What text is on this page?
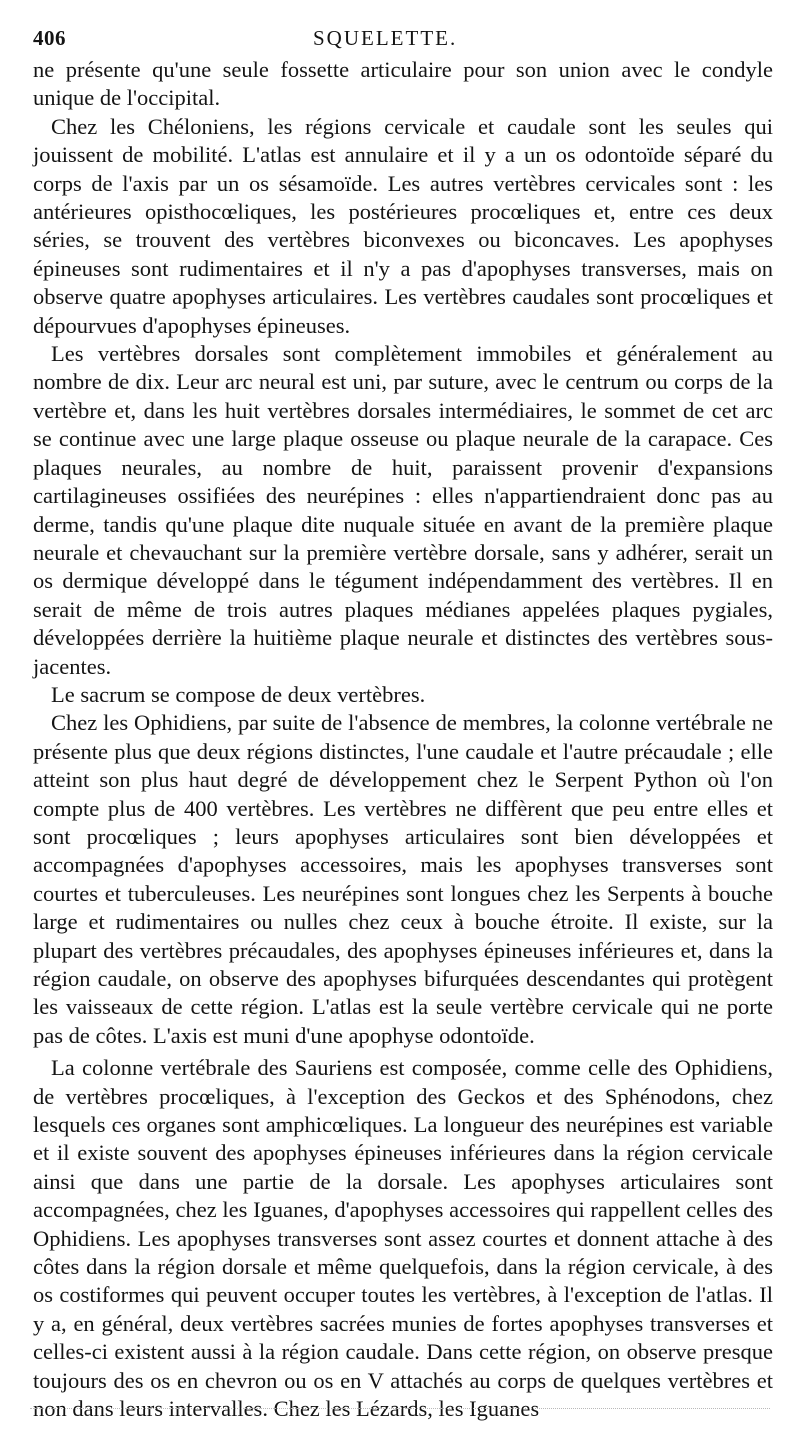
406	SQUELETTE.

ne présente qu'une seule fossette articulaire pour son union avec le condyle unique de l'occipital.

Chez les Chéloniens, les régions cervicale et caudale sont les seules qui jouissent de mobilité. L'atlas est annulaire et il y a un os odontoïde séparé du corps de l'axis par un os sésamoïde. Les autres vertèbres cervicales sont : les antérieures opisthocœliques, les postérieures procœliques et, entre ces deux séries, se trouvent des vertèbres biconvexes ou biconcaves. Les apophyses épineuses sont rudimentaires et il n'y a pas d'apophyses transverses, mais on observe quatre apophyses articulaires. Les vertèbres caudales sont procœliques et dépourvues d'apophyses épineuses.

Les vertèbres dorsales sont complètement immobiles et généralement au nombre de dix. Leur arc neural est uni, par suture, avec le centrum ou corps de la vertèbre et, dans les huit vertèbres dorsales intermédiaires, le sommet de cet arc se continue avec une large plaque osseuse ou plaque neurale de la carapace. Ces plaques neurales, au nombre de huit, paraissent provenir d'expansions cartilagineuses ossifiées des neurépines : elles n'appartiendraient donc pas au derme, tandis qu'une plaque dite nuquale située en avant de la première plaque neurale et chevauchant sur la première vertèbre dorsale, sans y adhérer, serait un os dermique développé dans le tégument indépendamment des vertèbres. Il en serait de même de trois autres plaques médianes appelées plaques pygiales, développées derrière la huitième plaque neurale et distinctes des vertèbres sous-jacentes.

Le sacrum se compose de deux vertèbres.

Chez les Ophidiens, par suite de l'absence de membres, la colonne vertébrale ne présente plus que deux régions distinctes, l'une caudale et l'autre précaudale ; elle atteint son plus haut degré de développement chez le Serpent Python où l'on compte plus de 400 vertèbres. Les vertèbres ne diffèrent que peu entre elles et sont procœliques ; leurs apophyses articulaires sont bien développées et accompagnées d'apophyses accessoires, mais les apophyses transverses sont courtes et tuberculeuses. Les neurépines sont longues chez les Serpents à bouche large et rudimentaires ou nulles chez ceux à bouche étroite. Il existe, sur la plupart des vertèbres précaudales, des apophyses épineuses inférieures et, dans la région caudale, on observe des apophyses bifurquées descendantes qui protègent les vaisseaux de cette région. L'atlas est la seule vertèbre cervicale qui ne porte pas de côtes. L'axis est muni d'une apophyse odontoïde.

La colonne vertébrale des Sauriens est composée, comme celle des Ophidiens, de vertèbres procœliques, à l'exception des Geckos et des Sphénodons, chez lesquels ces organes sont amphicœliques. La longueur des neurépines est variable et il existe souvent des apophyses épineuses inférieures dans la région cervicale ainsi que dans une partie de la dorsale. Les apophyses articulaires sont accompagnées, chez les Iguanes, d'apophyses accessoires qui rappellent celles des Ophidiens. Les apophyses transverses sont assez courtes et donnent attache à des côtes dans la région dorsale et même quelquefois, dans la région cervicale, à des os costiformes qui peuvent occuper toutes les vertèbres, à l'exception de l'atlas. Il y a, en général, deux vertèbres sacrées munies de fortes apophyses transverses et celles-ci existent aussi à la région caudale. Dans cette région, on observe presque toujours des os en chevron ou os en V attachés au corps de quelques vertèbres et non dans leurs intervalles. Chez les Lézards, les Iguanes
